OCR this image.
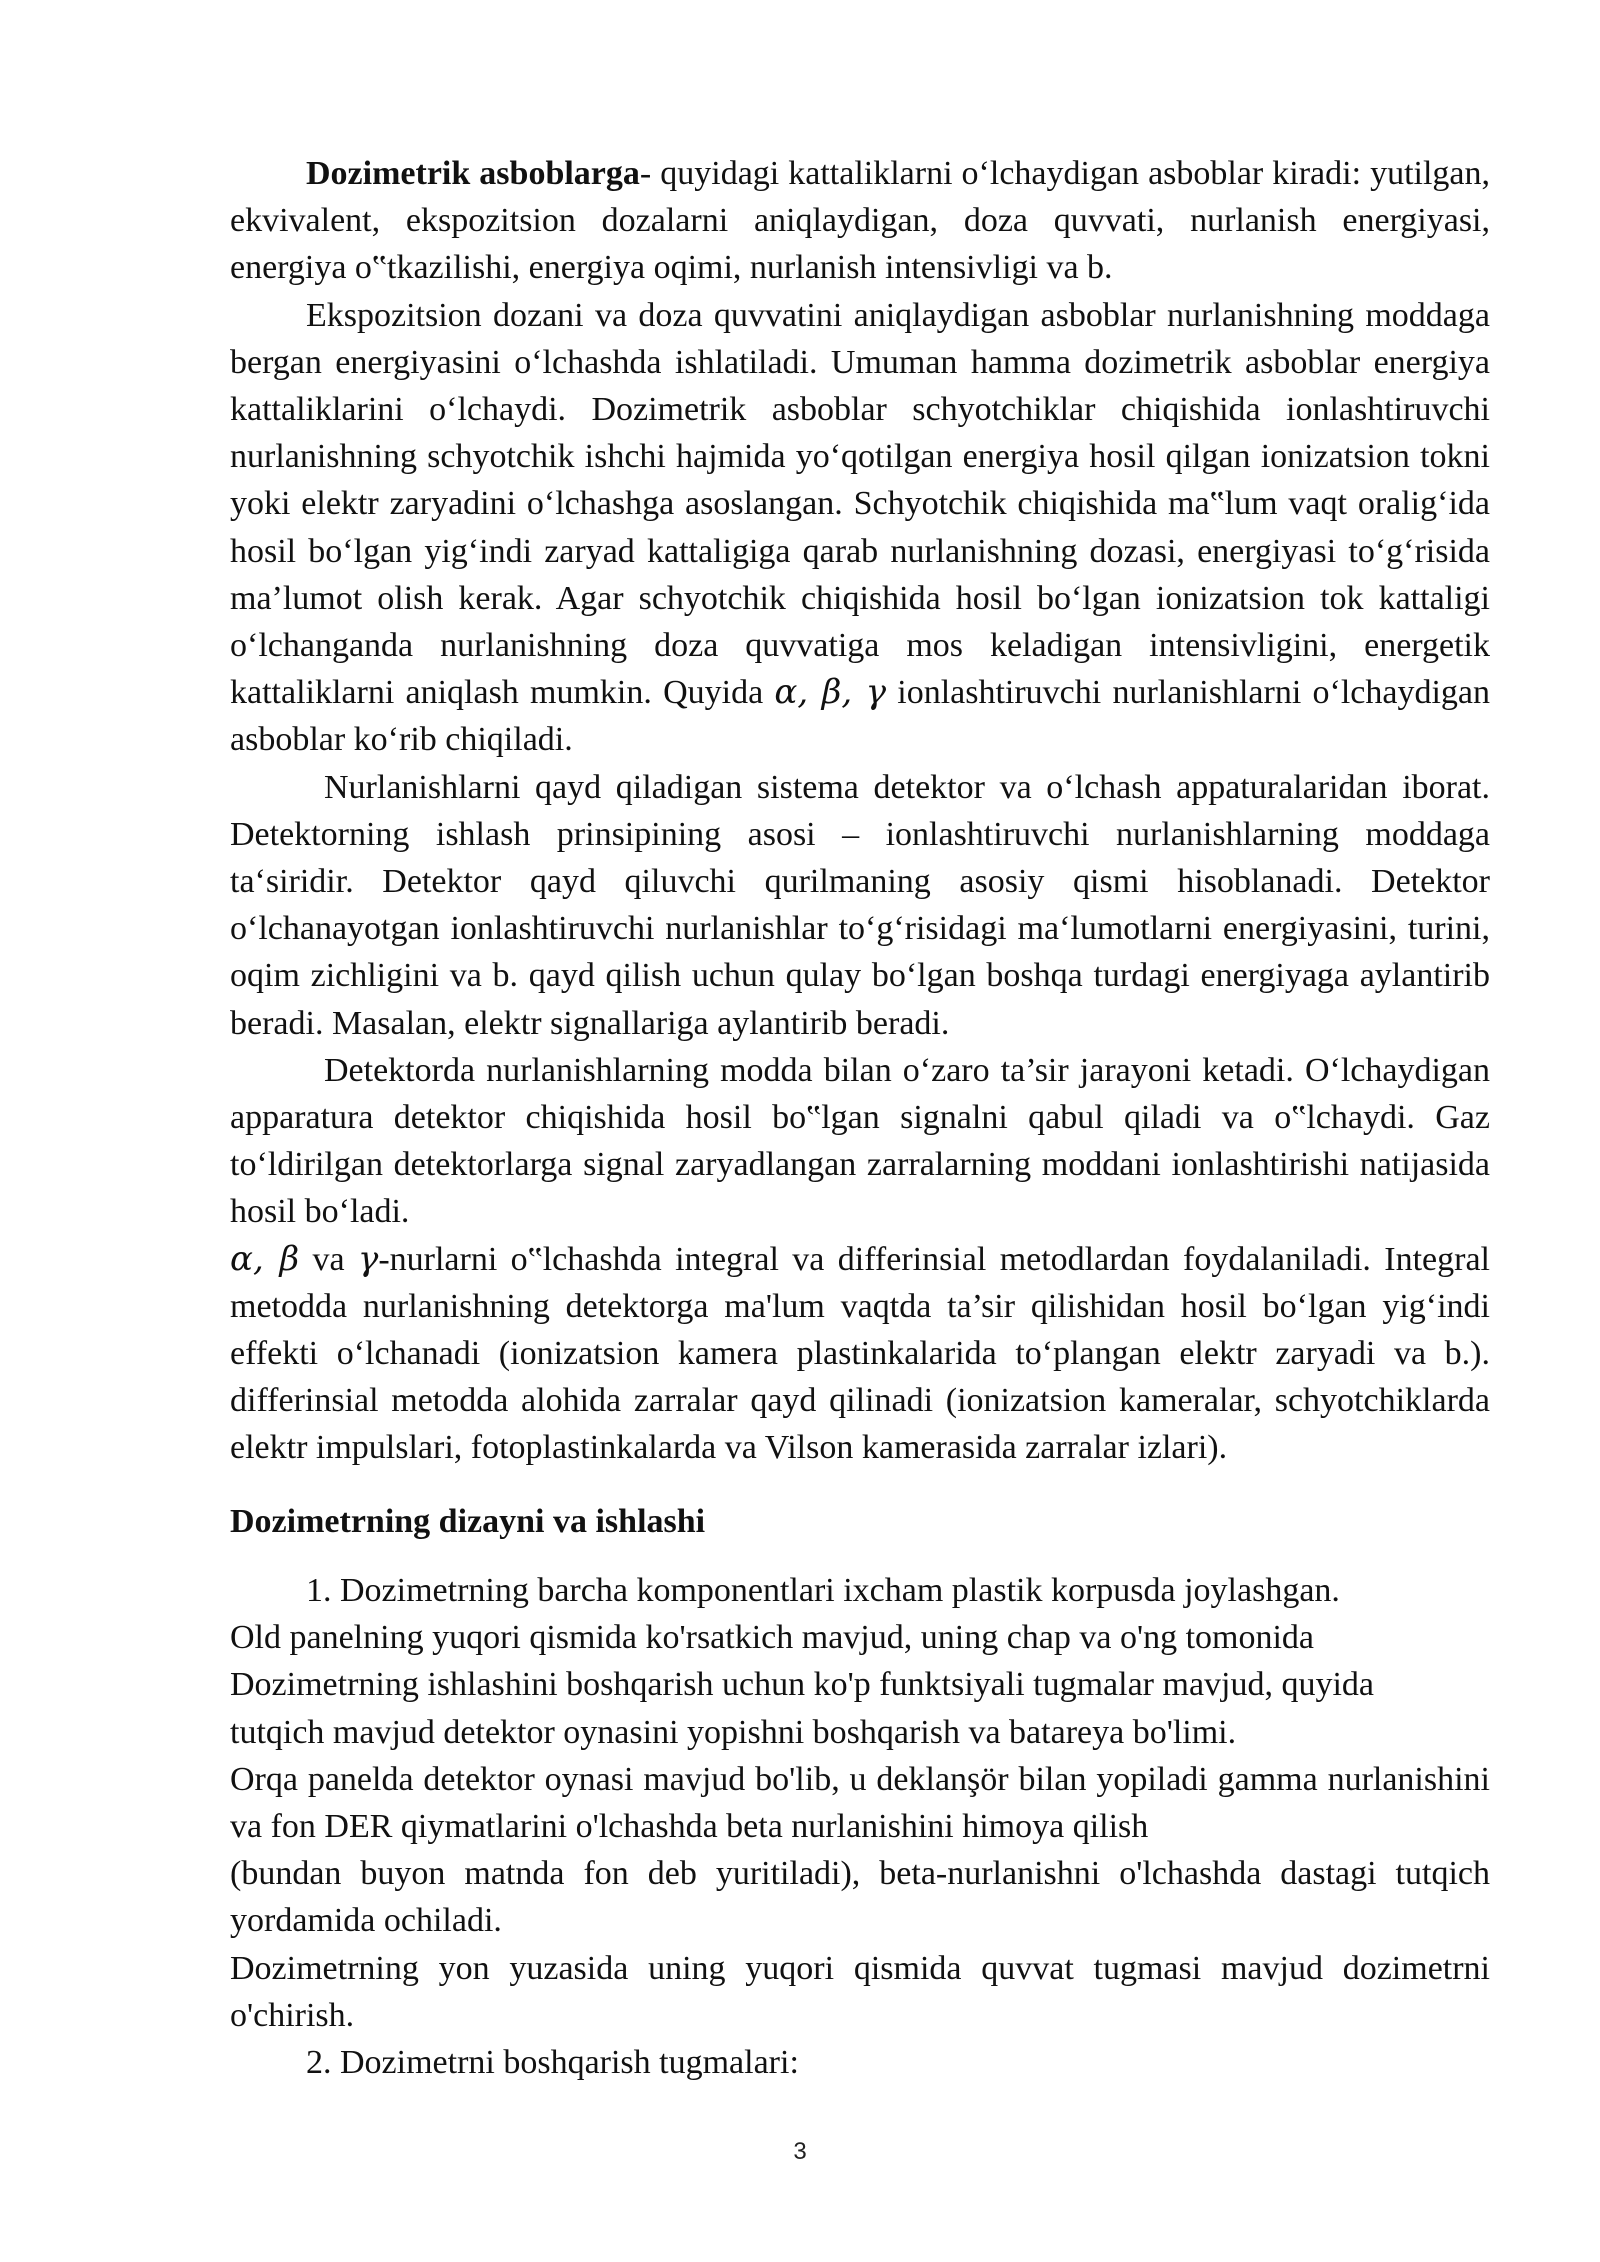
Dozimetrik asboblarga- quyidagi kattaliklarni o‘lchaydigan asboblar kiradi: yutilgan, ekvivalent, ekspozitsion dozalarni aniqlaydigan, doza quvvati, nurlanish energiyasi, energiya o‟tkazilishi, energiya oqimi, nurlanish intensivligi va b.

Ekspozitsion dozani va doza quvvatini aniqlaydigan asboblar nurlanishning moddaga bergan energiyasini o‘lchashda ishlatiladi. Umuman hamma dozimetrik asboblar energiya kattaliklarini o‘lchaydi. Dozimetrik asboblar schyotchiklar chiqishida ionlashtiruvchi nurlanishning schyotchik ishchi hajmida yo‘qotilgan energiya hosil qilgan ionizatsion tokni yoki elektr zaryadini o‘lchashga asoslangan. Schyotchik chiqishida ma‟lum vaqt oralig‘ida hosil bo‘lgan yig‘indi zaryad kattaligiga qarab nurlanishning dozasi, energiyasi to‘g‘risida ma’lumot olish kerak. Agar schyotchik chiqishida hosil bo‘lgan ionizatsion tok kattaligi o‘lchanganda nurlanishning doza quvvatiga mos keladigan intensivligini, energetik kattaliklarni aniqlash mumkin. Quyida α, β, γ ionlashtiruvchi nurlanishlarni o‘lchaydigan asboblar ko‘rib chiqiladi.

Nurlanishlarni qayd qiladigan sistema detektor va o‘lchash appaturalaridan iborat. Detektorning ishlash prinsipining asosi – ionlashtiruvchi nurlanishlarning moddaga ta‘siridir. Detektor qayd qiluvchi qurilmaning asosiy qismi hisoblanadi. Detektor o‘lchanayotgan ionlashtiruvchi nurlanishlar to‘g‘risidagi ma‘lumotlarni energiyasini, turini, oqim zichligini va b. qayd qilish uchun qulay bo‘lgan boshqa turdagi energiyaga aylantirib beradi. Masalan, elektr signallariga aylantirib beradi.

Detektorda nurlanishlarning modda bilan o‘zaro ta’sir jarayoni ketadi. O‘lchaydigan apparatura detektor chiqishida hosil bo‟lgan signalni qabul qiladi va o‟lchaydi. Gaz to‘ldirilgan detektorlarga signal zaryadlangan zarralarning moddani ionlashtirishi natijasida hosil bo‘ladi.

α, β va γ-nurlarni o‟lchashda integral va differinsial metodlardan foydalaniladi. Integral metodda nurlanishning detektorga ma'lum vaqtda ta’sir qilishidan hosil bo‘lgan yig‘indi effekti o‘lchanadi (ionizatsion kamera plastinkalarida to‘plangan elektr zaryadi va b.). differinsial metodda alohida zarralar qayd qilinadi (ionizatsion kameralar, schyotchiklarda elektr impulslari, fotoplastinkalarda va Vilson kamerasida zarralar izlari).

Dozimetrning dizayni va ishlashi

1. Dozimetrning barcha komponentlari ixcham plastik korpusda joylashgan.

Old panelning yuqori qismida ko'rsatkich mavjud, uning chap va o'ng tomonida

Dozimetrning ishlashini boshqarish uchun ko'p funktsiyali tugmalar mavjud, quyida

tutqich mavjud detektor oynasini yopishni boshqarish va batareya bo'limi.

Orqa panelda detektor oynasi mavjud bo'lib, u deklanşör bilan yopiladi gamma nurlanishini va fon DER qiymatlarini o'lchashda beta nurlanishini himoya qilish

(bundan buyon matnda fon deb yuritiladi), beta-nurlanishni o'lchashda dastagi tutqich yordamida ochiladi.

Dozimetrning yon yuzasida uning yuqori qismida quvvat tugmasi mavjud dozimetrni o'chirish.

2. Dozimetrni boshqarish tugmalari:

3
